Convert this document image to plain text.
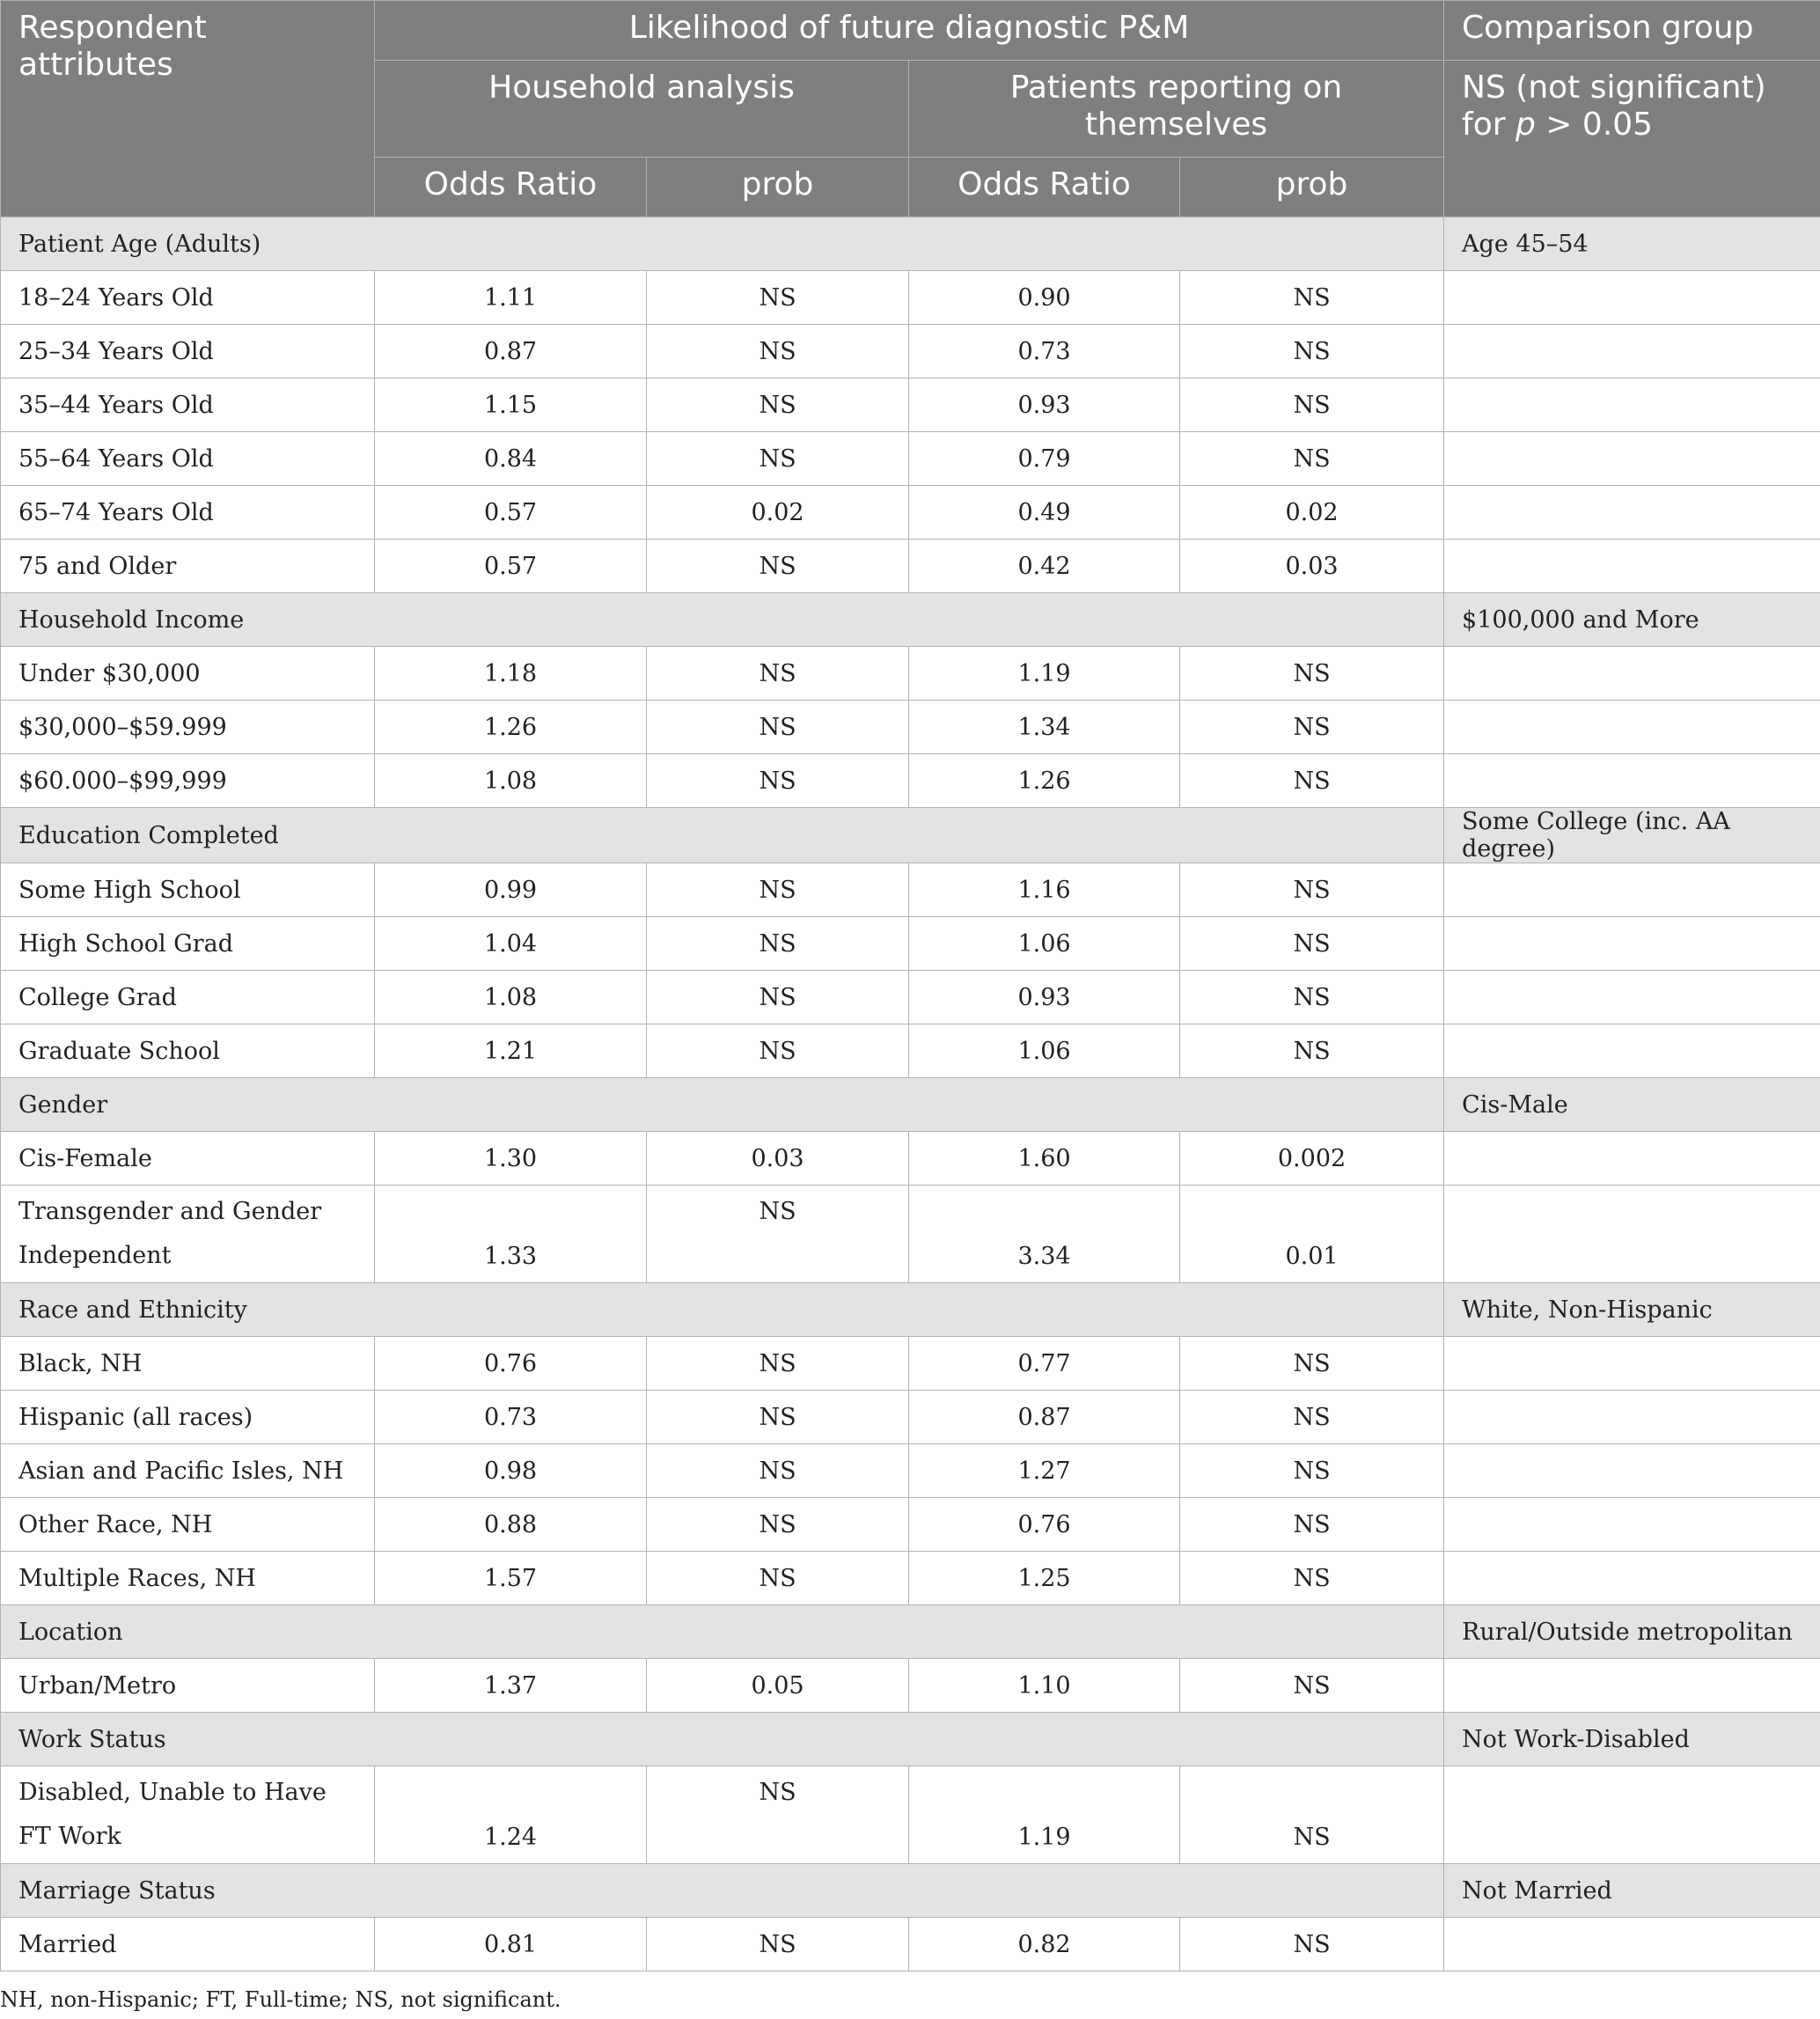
Respondent attributes	Likelihood of future diagnostic P&M				Comparison group
	Household analysis		Patients reporting on themselves		NS (not significant) for p > 0.05
	Odds Ratio	prob	Odds Ratio	prob	
Patient Age (Adults)					Age 45–54
18–24 Years Old	1.11	NS	0.90	NS	
25–34 Years Old	0.87	NS	0.73	NS	
35–44 Years Old	1.15	NS	0.93	NS	
55–64 Years Old	0.84	NS	0.79	NS	
65–74 Years Old	0.57	0.02	0.49	0.02	
75 and Older	0.57	NS	0.42	0.03	
Household Income					$100,000 and More
Under $30,000	1.18	NS	1.19	NS	
$30,000–$59.999	1.26	NS	1.34	NS	
$60.000–$99,999	1.08	NS	1.26	NS	
Education Completed					Some College (inc. AA degree)
Some High School	0.99	NS	1.16	NS	
High School Grad	1.04	NS	1.06	NS	
College Grad	1.08	NS	0.93	NS	
Graduate School	1.21	NS	1.06	NS	
Gender					Cis-Male
Cis-Female	1.30	0.03	1.60	0.002	
Transgender and Gender Independent	1.33	NS	3.34	0.01	
Race and Ethnicity					White, Non-Hispanic
Black, NH	0.76	NS	0.77	NS	
Hispanic (all races)	0.73	NS	0.87	NS	
Asian and Pacific Isles, NH	0.98	NS	1.27	NS	
Other Race, NH	0.88	NS	0.76	NS	
Multiple Races, NH	1.57	NS	1.25	NS	
Location					Rural/Outside metropolitan
Urban/Metro	1.37	0.05	1.10	NS	
Work Status					Not Work-Disabled
Disabled, Unable to Have FT Work	1.24	NS	1.19	NS	
Marriage Status					Not Married
Married	0.81	NS	0.82	NS	
NH, non-Hispanic; FT, Full-time; NS, not significant.
